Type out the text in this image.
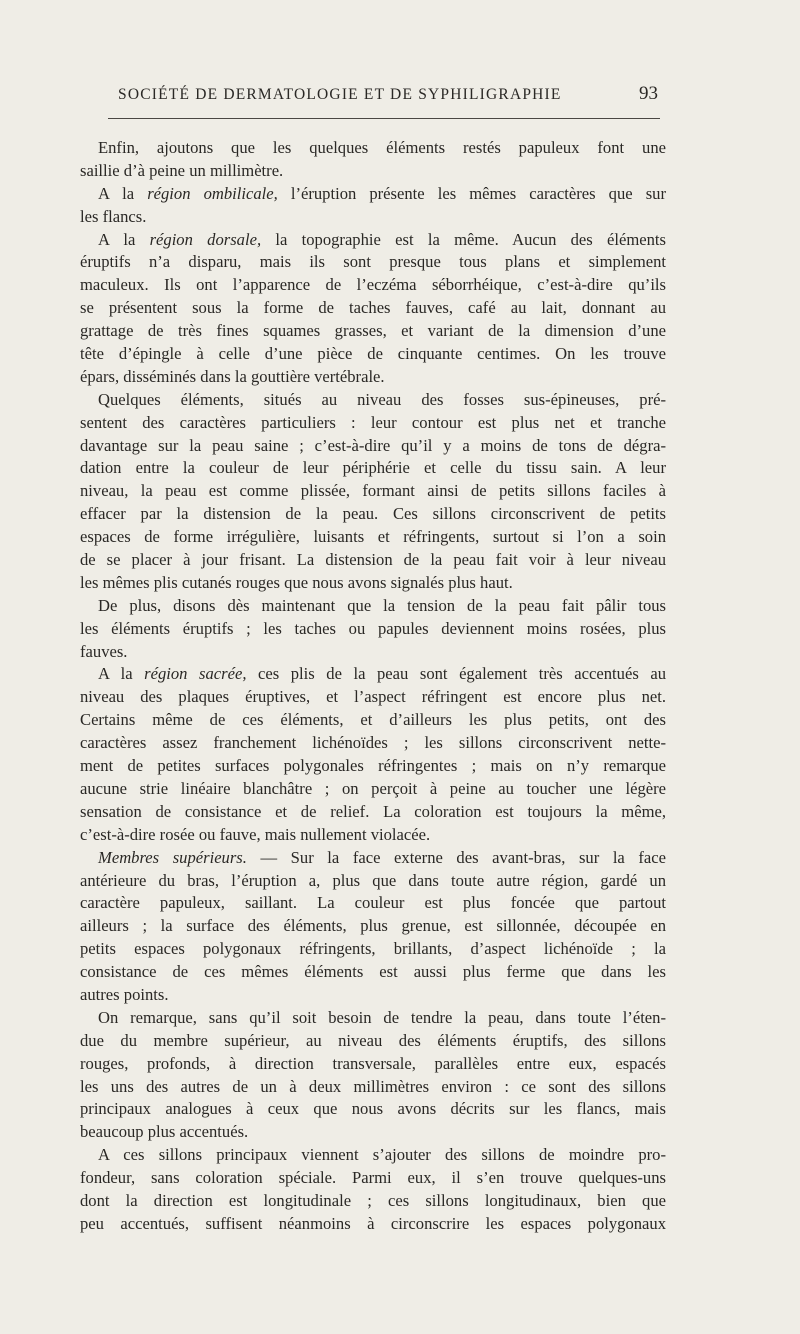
SOCIÉTÉ DE DERMATOLOGIE ET DE SYPHILIGRAPHIE	93
Enfin, ajoutons que les quelques éléments restés papuleux font une
saillie d’à peine un millimètre.
A la région ombilicale, l’éruption présente les mêmes caractères que sur
les flancs.
A la région dorsale, la topographie est la même. Aucun des éléments
éruptifs n’a disparu, mais ils sont presque tous plans et simplement
maculeux. Ils ont l’apparence de l’eczéma séborrhéique, c’est-à-dire qu’ils
se présentent sous la forme de taches fauves, café au lait, donnant au
grattage de très fines squames grasses, et variant de la dimension d’une
tête d’épingle à celle d’une pièce de cinquante centimes. On les trouve
épars, disséminés dans la gouttière vertébrale.
Quelques éléments, situés au niveau des fosses sus-épineuses, pré-
sentent des caractères particuliers : leur contour est plus net et tranche
davantage sur la peau saine ; c’est-à-dire qu’il y a moins de tons de dégra-
dation entre la couleur de leur périphérie et celle du tissu sain. A leur
niveau, la peau est comme plissée, formant ainsi de petits sillons faciles à
effacer par la distension de la peau. Ces sillons circonscrivent de petits
espaces de forme irrégulière, luisants et réfringents, surtout si l’on a soin
de se placer à jour frisant. La distension de la peau fait voir à leur niveau
les mêmes plis cutanés rouges que nous avons signalés plus haut.
De plus, disons dès maintenant que la tension de la peau fait pâlir tous
les éléments éruptifs ; les taches ou papules deviennent moins rosées, plus
fauves.
A la région sacrée, ces plis de la peau sont également très accentués au
niveau des plaques éruptives, et l’aspect réfringent est encore plus net.
Certains même de ces éléments, et d’ailleurs les plus petits, ont des
caractères assez franchement lichénoïdes ; les sillons circonscrivent nette-
ment de petites surfaces polygonales réfringentes ; mais on n’y remarque
aucune strie linéaire blanchâtre ; on perçoit à peine au toucher une légère
sensation de consistance et de relief. La coloration est toujours la même,
c’est-à-dire rosée ou fauve, mais nullement violacée.
Membres supérieurs. — Sur la face externe des avant-bras, sur la face
antérieure du bras, l’éruption a, plus que dans toute autre région, gardé un
caractère papuleux, saillant. La couleur est plus foncée que partout
ailleurs ; la surface des éléments, plus grenue, est sillonnée, découpée en
petits espaces polygonaux réfringents, brillants, d’aspect lichénoïde ; la
consistance de ces mêmes éléments est aussi plus ferme que dans les
autres points.
On remarque, sans qu’il soit besoin de tendre la peau, dans toute l’éten-
due du membre supérieur, au niveau des éléments éruptifs, des sillons
rouges, profonds, à direction transversale, parallèles entre eux, espacés
les uns des autres de un à deux millimètres environ : ce sont des sillons
principaux analogues à ceux que nous avons décrits sur les flancs, mais
beaucoup plus accentués.
A ces sillons principaux viennent s’ajouter des sillons de moindre pro-
fondeur, sans coloration spéciale. Parmi eux, il s’en trouve quelques-uns
dont la direction est longitudinale ; ces sillons longitudinaux, bien que
peu accentués, suffisent néanmoins à circonscrire les espaces polygonaux
